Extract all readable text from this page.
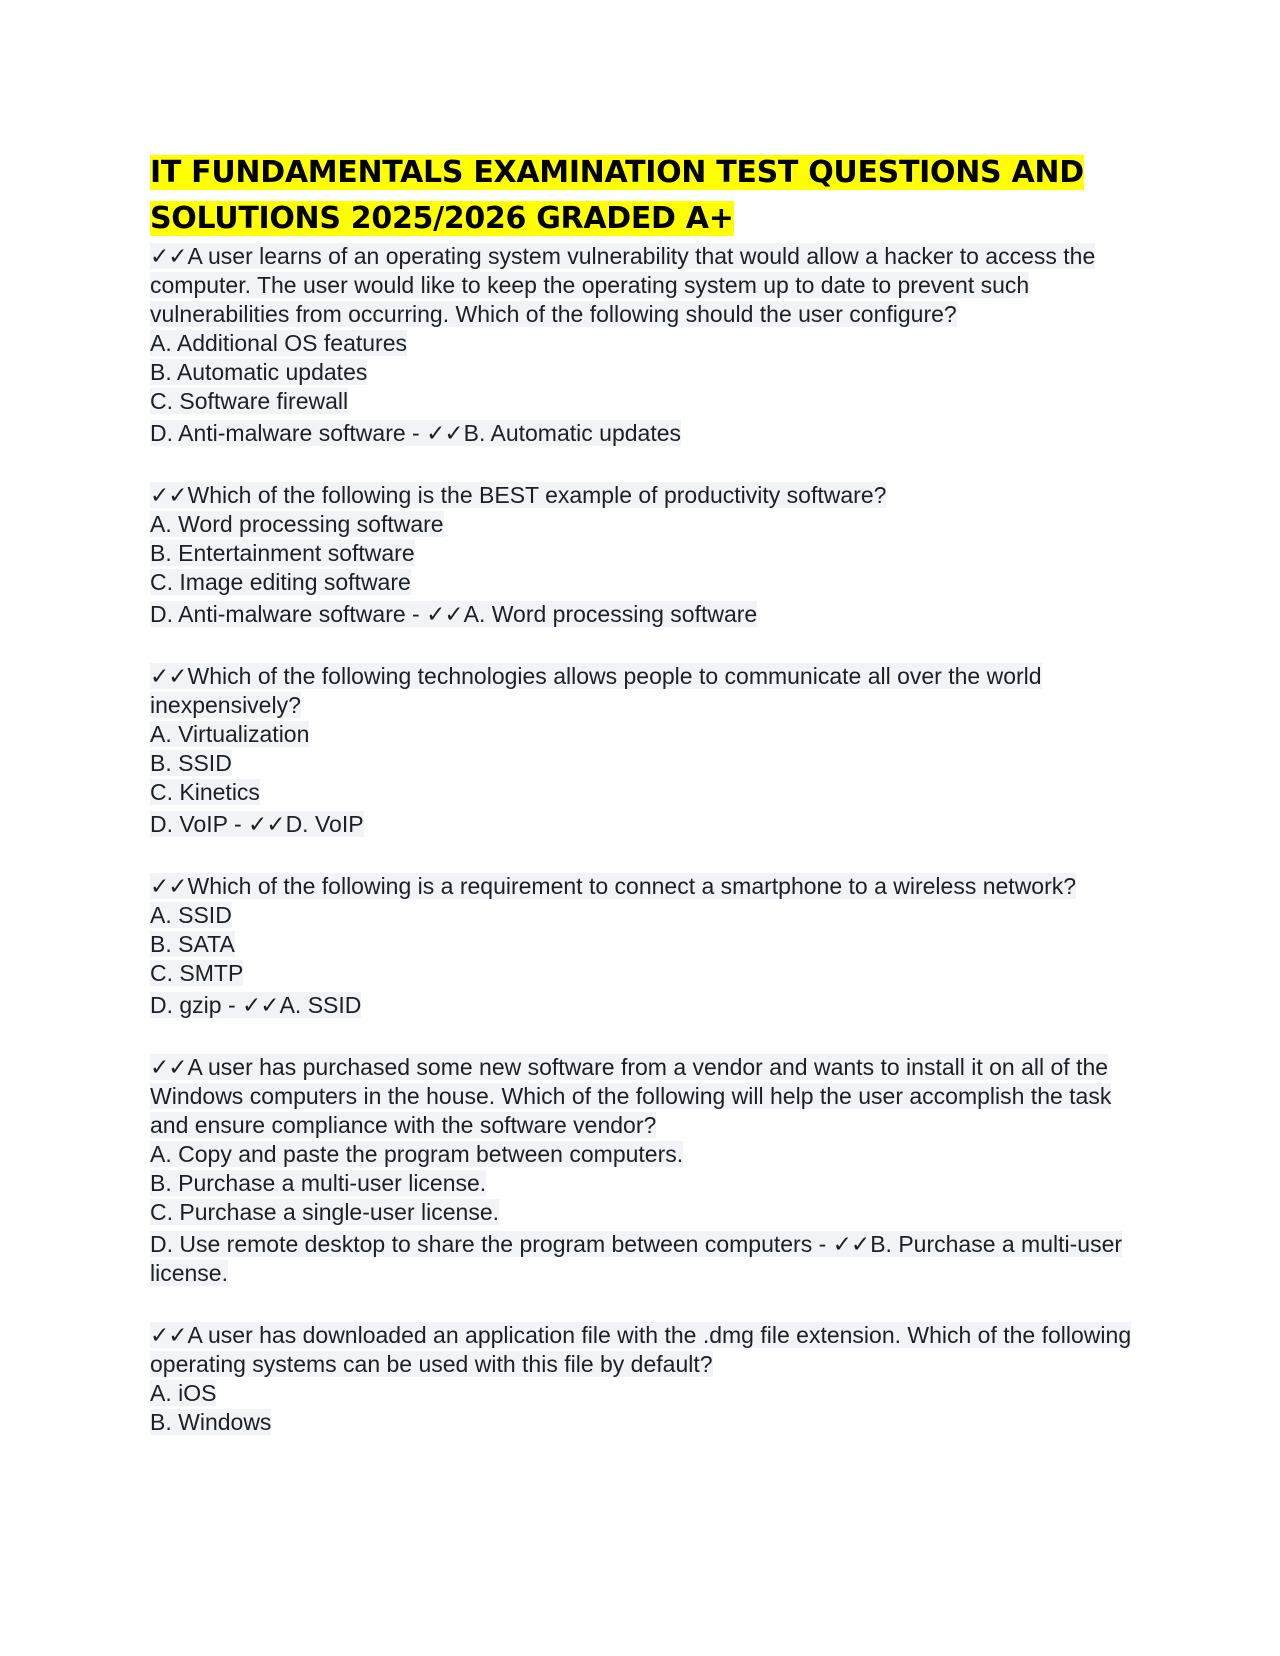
IT FUNDAMENTALS EXAMINATION TEST QUESTIONS AND
SOLUTIONS 2025/2026 GRADED A+
✓✓A user learns of an operating system vulnerability that would allow a hacker to access the computer. The user would like to keep the operating system up to date to prevent such vulnerabilities from occurring. Which of the following should the user configure?
A. Additional OS features
B. Automatic updates
C. Software firewall
D. Anti-malware software - ✓✓B. Automatic updates
✓✓Which of the following is the BEST example of productivity software?
A. Word processing software
B. Entertainment software
C. Image editing software
D. Anti-malware software - ✓✓A. Word processing software
✓✓Which of the following technologies allows people to communicate all over the world inexpensively?
A. Virtualization
B. SSID
C. Kinetics
D. VoIP - ✓✓D. VoIP
✓✓Which of the following is a requirement to connect a smartphone to a wireless network?
A. SSID
B. SATA
C. SMTP
D. gzip - ✓✓A. SSID
✓✓A user has purchased some new software from a vendor and wants to install it on all of the Windows computers in the house. Which of the following will help the user accomplish the task and ensure compliance with the software vendor?
A. Copy and paste the program between computers.
B. Purchase a multi-user license.
C. Purchase a single-user license.
D. Use remote desktop to share the program between computers - ✓✓B. Purchase a multi-user license.
✓✓A user has downloaded an application file with the .dmg file extension. Which of the following operating systems can be used with this file by default?
A. iOS
B. Windows
